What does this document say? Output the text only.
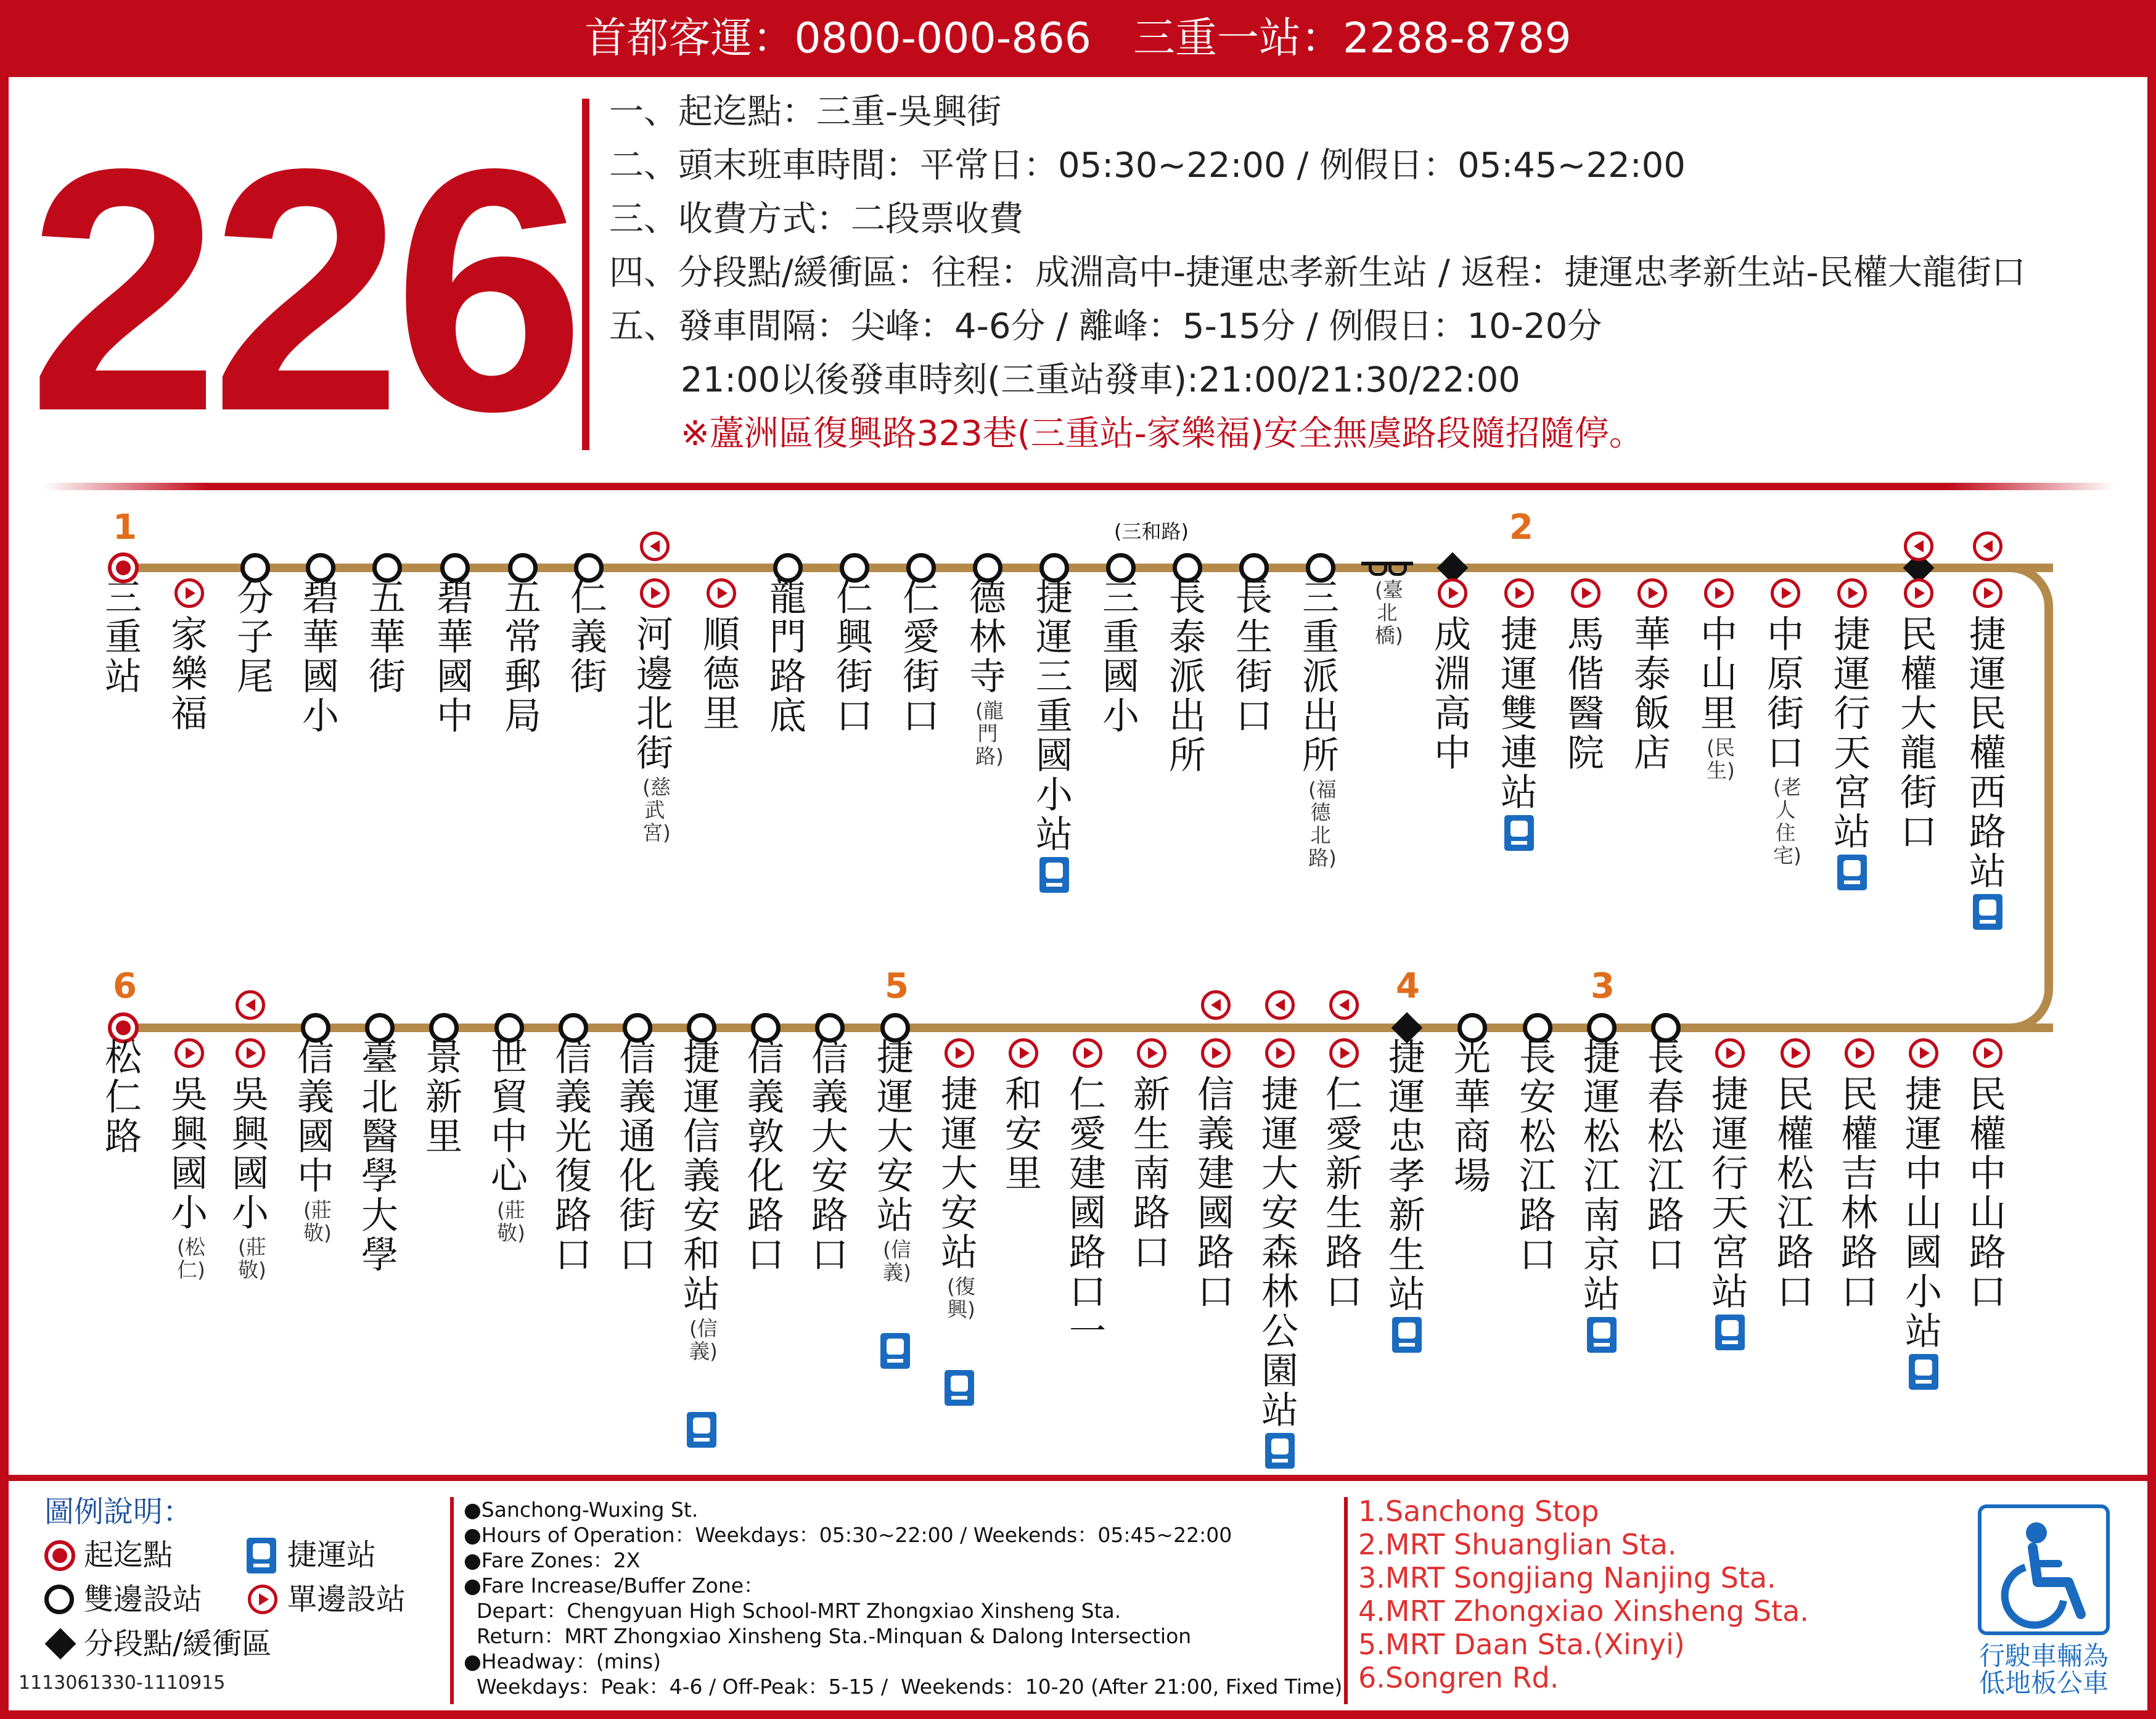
首都客運：0800-000-866　三重一站：2288-8789
226 一、起迄點：三重-吳興街
二、頭末班車時間：平常日：05:30~22:00 / 例假日：05:45~22:00
三、收費方式：二段票收費
四、分段點/緩衝區：往程：成淵高中-捷運忠孝新生站 / 返程：捷運忠孝新生站-民權大龍街口
五、發車間隔：尖峰：4-6分 / 離峰：5-15分 / 例假日：10-20分
21:00以後發車時刻(三重站發車):21:00/21:30/22:00
※蘆洲區復興路323巷(三重站-家樂福)安全無虞路段隨招隨停。
1	2
3
4
5
6
(三和路)
三重站
家樂福
分子尾
碧華國小
五華街
碧華國中
五常郵局
仁義街
河邊北街
(慈武宮)
順德里
龍門路底
仁興街口
仁愛街口
德林寺
(龍門路)
捷運三重國小站
三重國小
長泰派出所
長生街口
三重派出所
(福德北路)
(臺北橋) 成淵高中
捷運雙連站
馬偕醫院
華泰飯店
中山里
(民生)
中原街口
(老人住宅)
捷運行天宮站
民權大龍街口
捷運民權西路站
松仁路
吳興國小
(松仁)
吳興國小
(莊敬)
信義國中
(莊敬)
臺北醫學大學
景新里
世貿中心
(莊敬)
信義光復路口
信義通化街口
捷運信義安和站
(信義)
信義敦化路口
信義大安路口
捷運大安站
(信義)
捷運大安站
(復興)
和安里
仁愛建國路口一
新生南路口
信義建國路口
捷運大安森林公園站
仁愛新生路口
捷運忠孝新生站
光華商場
長安松江路口
捷運松江南京站
長春松江路口
捷運行天宮站
民權松江路口
民權吉林路口
捷運中山國小站
民權中山路口
圖例說明：
起迄點	捷運站
雙邊設站	單邊設站
分段點/緩衝區
1113061330-1110915
●Sanchong-Wuxing St.
●Hours of Operation：Weekdays：05:30~22:00 / Weekends：05:45~22:00
●Fare Zones：2X
●Fare Increase/Buffer Zone：
Depart：Chengyuan High School-MRT Zhongxiao Xinsheng Sta.
Return：MRT Zhongxiao Xinsheng Sta.-Minquan & Dalong Intersection
●Headway：(mins)
Weekdays：Peak：4-6 / Off-Peak：5-15 /  Weekends：10-20 (After 21:00, Fixed Time)
1.Sanchong Stop
2.MRT Shuanglian Sta.
3.MRT Songjiang Nanjing Sta.
4.MRT Zhongxiao Xinsheng Sta.
5.MRT Daan Sta.(Xinyi)
6.Songren Rd.
行駛車輛為低地板公車
